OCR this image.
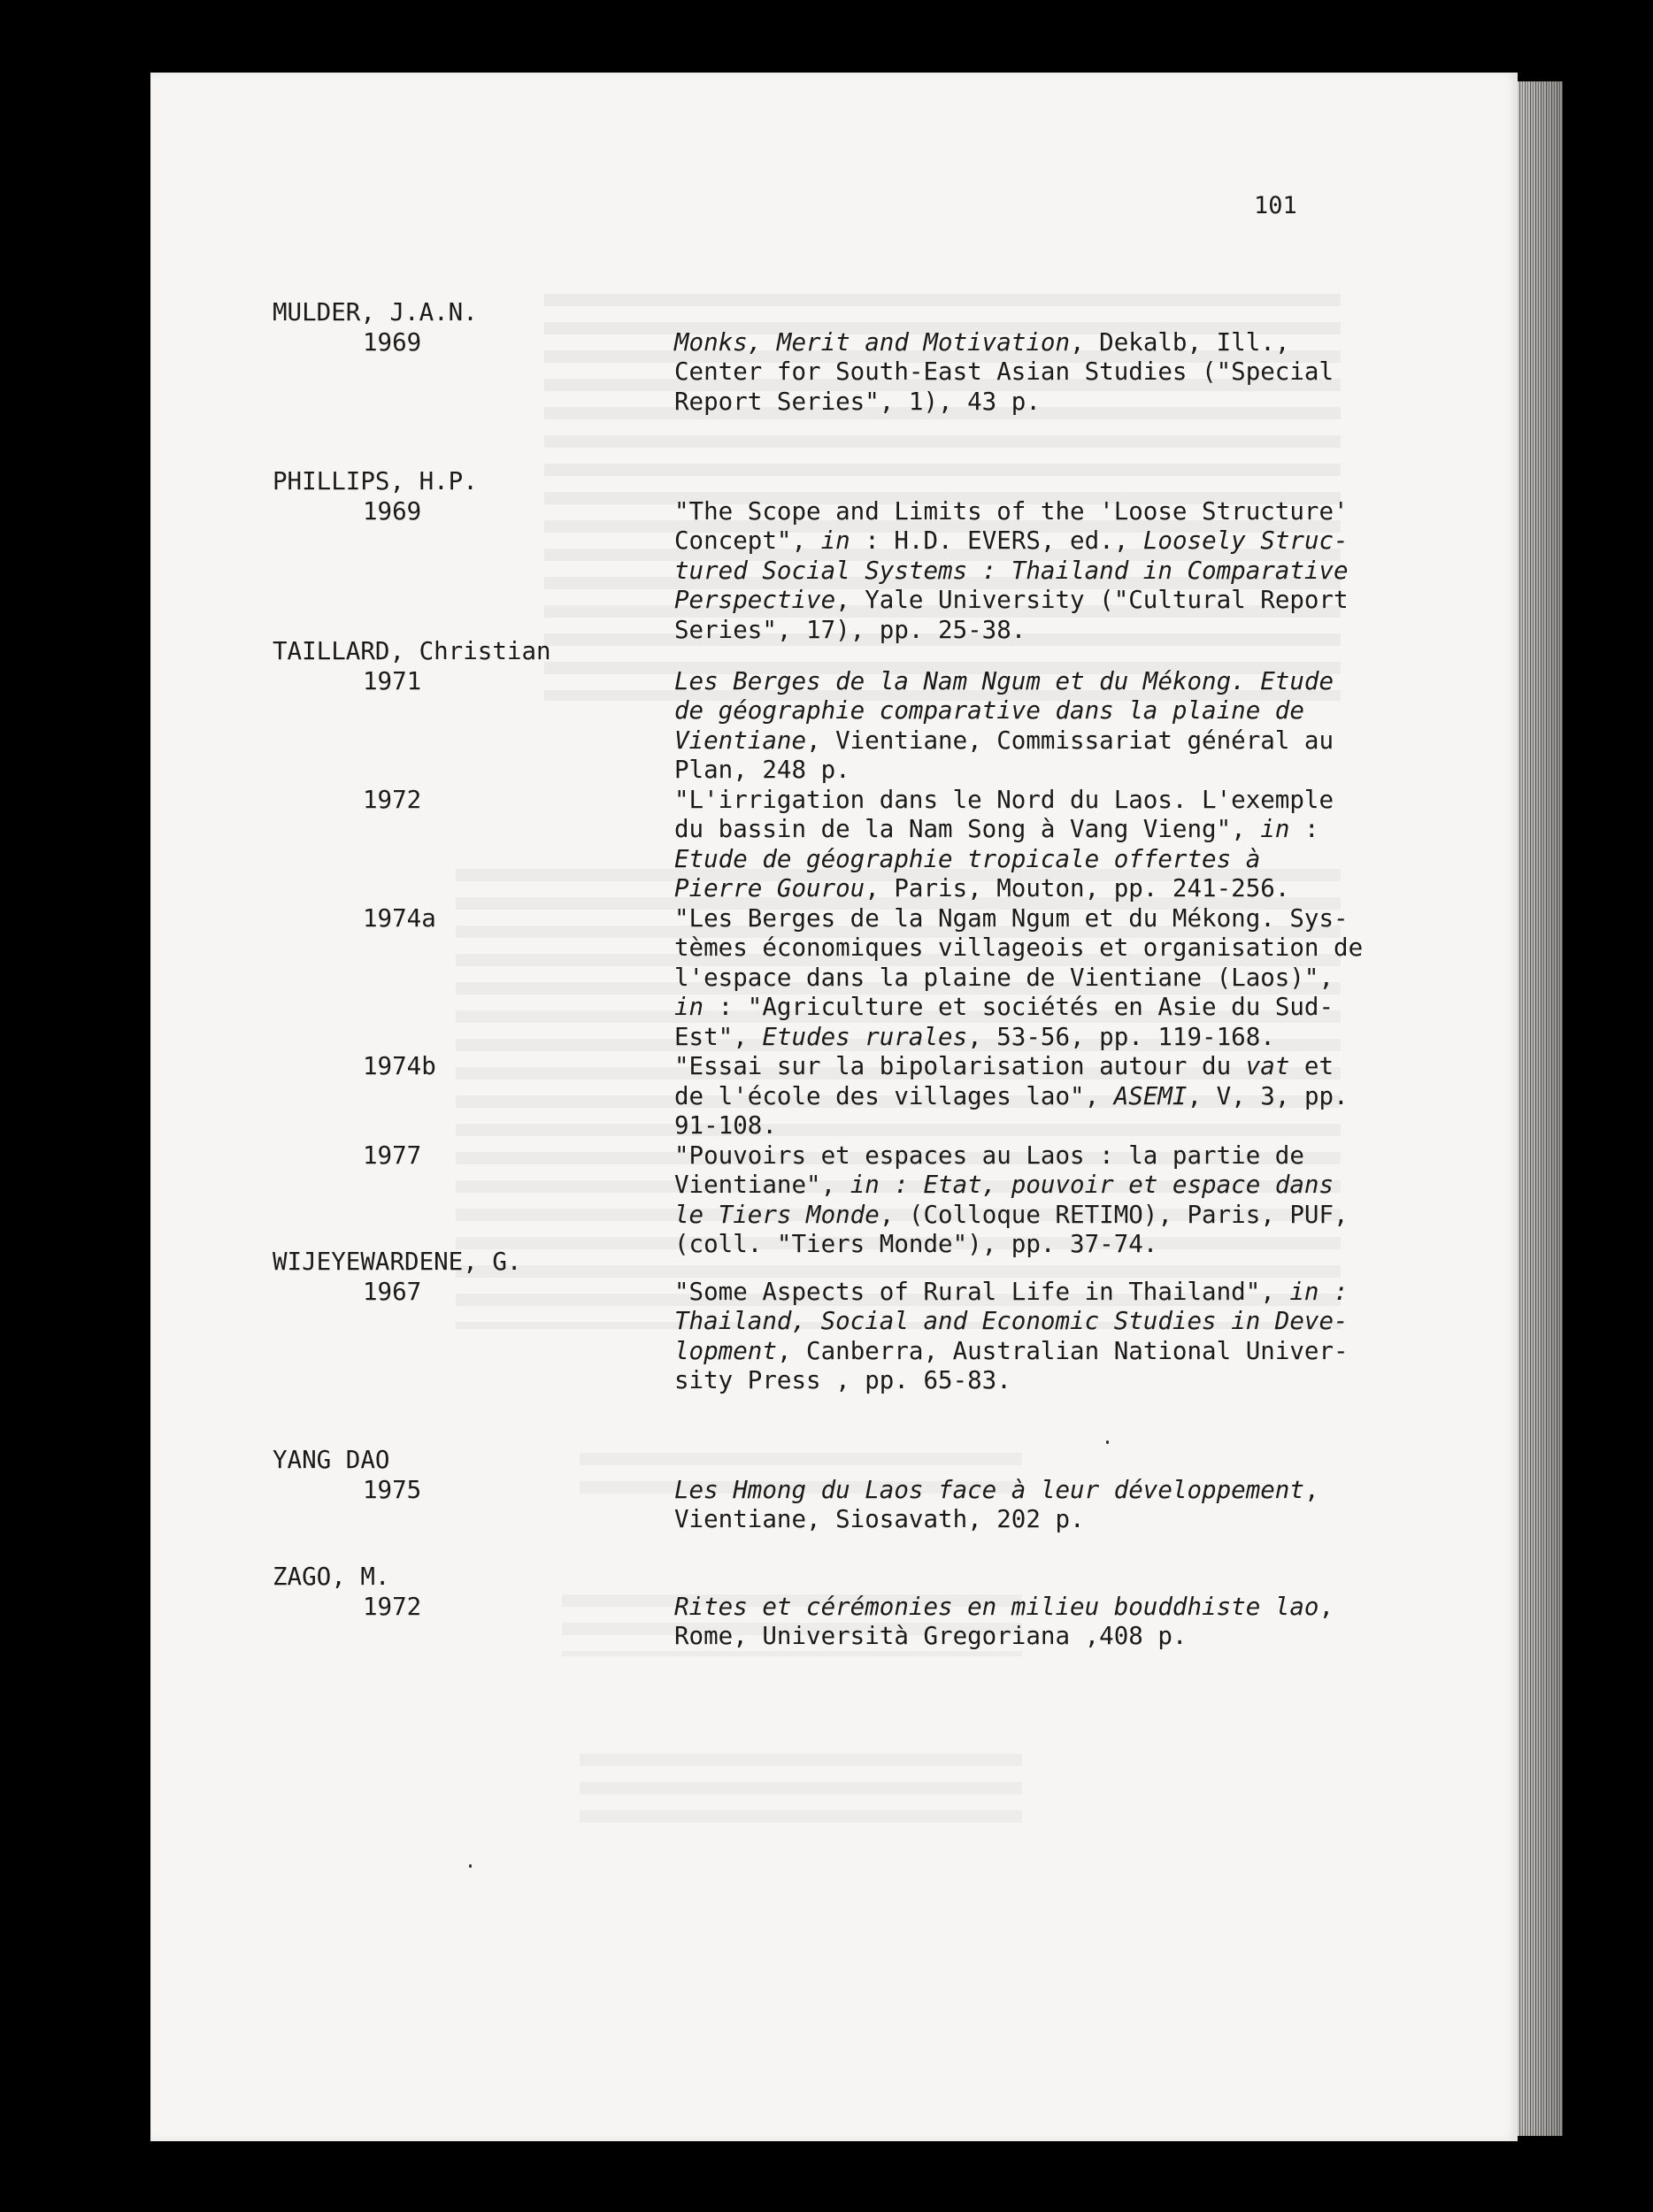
101
MULDER, J.A.N.
1969	Monks, Merit and Motivation, Dekalb, Ill.,
Center for South-East Asian Studies ("Special
Report Series", 1), 43 p.
PHILLIPS, H.P.
1969	"The Scope and Limits of the 'Loose Structure'
Concept", in : H.D. EVERS, ed., Loosely Struc-
tured Social Systems : Thailand in Comparative
Perspective, Yale University ("Cultural Report
Series", 17), pp. 25-38.
TAILLARD, Christian
1971	Les Berges de la Nam Ngum et du Mékong. Etude
de géographie comparative dans la plaine de
Vientiane, Vientiane, Commissariat général au
Plan, 248 p.
1972	"L'irrigation dans le Nord du Laos. L'exemple
du bassin de la Nam Song à Vang Vieng", in :
Etude de géographie tropicale offertes à
Pierre Gourou, Paris, Mouton, pp. 241-256.
1974a	"Les Berges de la Ngam Ngum et du Mékong. Sys-
tèmes économiques villageois et organisation de
l'espace dans la plaine de Vientiane (Laos)",
in : "Agriculture et sociétés en Asie du Sud-
Est", Etudes rurales, 53-56, pp. 119-168.
1974b	"Essai sur la bipolarisation autour du vat et
de l'école des villages lao", ASEMI, V, 3, pp.
91-108.
1977	"Pouvoirs et espaces au Laos : la partie de
Vientiane", in : Etat, pouvoir et espace dans
le Tiers Monde, (Colloque RETIMO), Paris, PUF,
(coll. "Tiers Monde"), pp. 37-74.
WIJEYEWARDENE, G.
1967	"Some Aspects of Rural Life in Thailand", in :
Thailand, Social and Economic Studies in Deve-
lopment, Canberra, Australian National Univer-
sity Press , pp. 65-83.
YANG DAO
1975	Les Hmong du Laos face à leur développement,
Vientiane, Siosavath, 202 p.
ZAGO, M.
1972	Rites et cérémonies en milieu bouddhiste lao,
Rome, Università Gregoriana ,408 p.
